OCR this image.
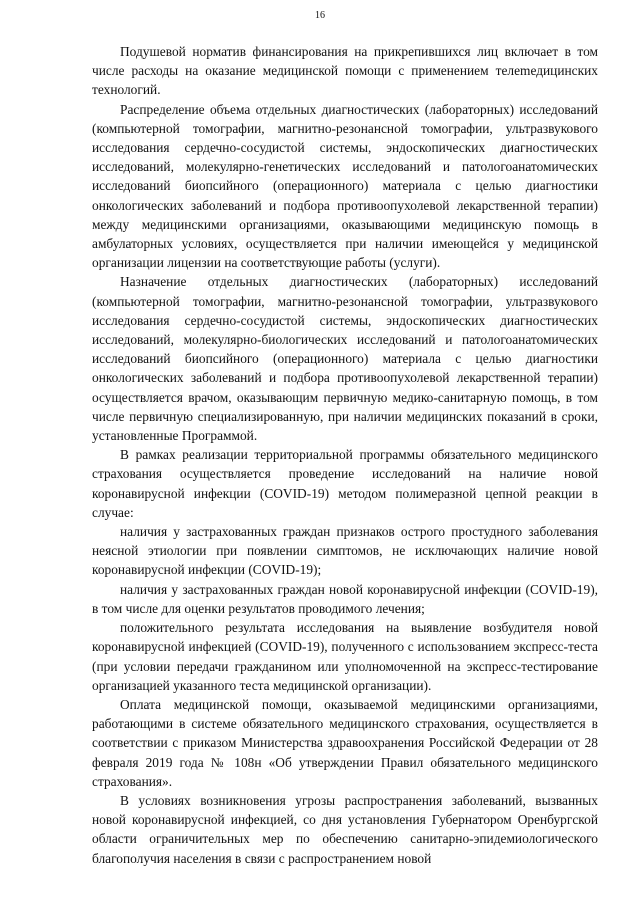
16

Подушевой норматив финансирования на прикрепившихся лиц включает в том числе расходы на оказание медицинской помощи с применением телеmедицинских технологий.

Распределение объема отдельных диагностических (лабораторных) исследований (компьютерной томографии, магнитно-резонансной томографии, ультразвукового исследования сердечно-сосудистой системы, эндоскопических диагностических исследований, молекулярно-генетических исследований и патологоанатомических исследований биопсийного (операционного) материала с целью диагностики онкологических заболеваний и подбора противоопухолевой лекарственной терапии) между медицинскими организациями, оказывающими медицинскую помощь в амбулаторных условиях, осуществляется при наличии имеющейся у медицинской организации лицензии на соответствующие работы (услуги).

Назначение отдельных диагностических (лабораторных) исследований (компьютерной томографии, магнитно-резонансной томографии, ультразвукового исследования сердечно-сосудистой системы, эндоскопических диагностических исследований, молекулярно-биологических исследований и патологоанатомических исследований биопсийного (операционного) материала с целью диагностики онкологических заболеваний и подбора противоопухолевой лекарственной терапии) осуществляется врачом, оказывающим первичную медико-санитарную помощь, в том числе первичную специализированную, при наличии медицинских показаний в сроки, установленные Программой.

В рамках реализации территориальной программы обязательного медицинского страхования осуществляется проведение исследований на наличие новой коронавирусной инфекции (COVID-19) методом полимеразной цепной реакции в случае:

наличия у застрахованных граждан признаков острого простудного заболевания неясной этиологии при появлении симптомов, не исключающих наличие новой коронавирусной инфекции (COVID-19);

наличия у застрахованных граждан новой коронавирусной инфекции (COVID-19), в том числе для оценки результатов проводимого лечения;

положительного результата исследования на выявление возбудителя новой коронавирусной инфекцией (COVID-19), полученного с использованием экспресс-теста (при условии передачи гражданином или уполномоченной на экспресс-тестирование организацией указанного теста медицинской организации).

Оплата медицинской помощи, оказываемой медицинскими организациями, работающими в системе обязательного медицинского страхования, осуществляется в соответствии с приказом Министерства здравоохранения Российской Федерации от 28 февраля 2019 года № 108н «Об утверждении Правил обязательного медицинского страхования».

В условиях возникновения угрозы распространения заболеваний, вызванных новой коронавирусной инфекцией, со дня установления Губернатором Оренбургской области ограничительных мер по обеспечению санитарно-эпидемиологического благополучия населения в связи с распространением новой
